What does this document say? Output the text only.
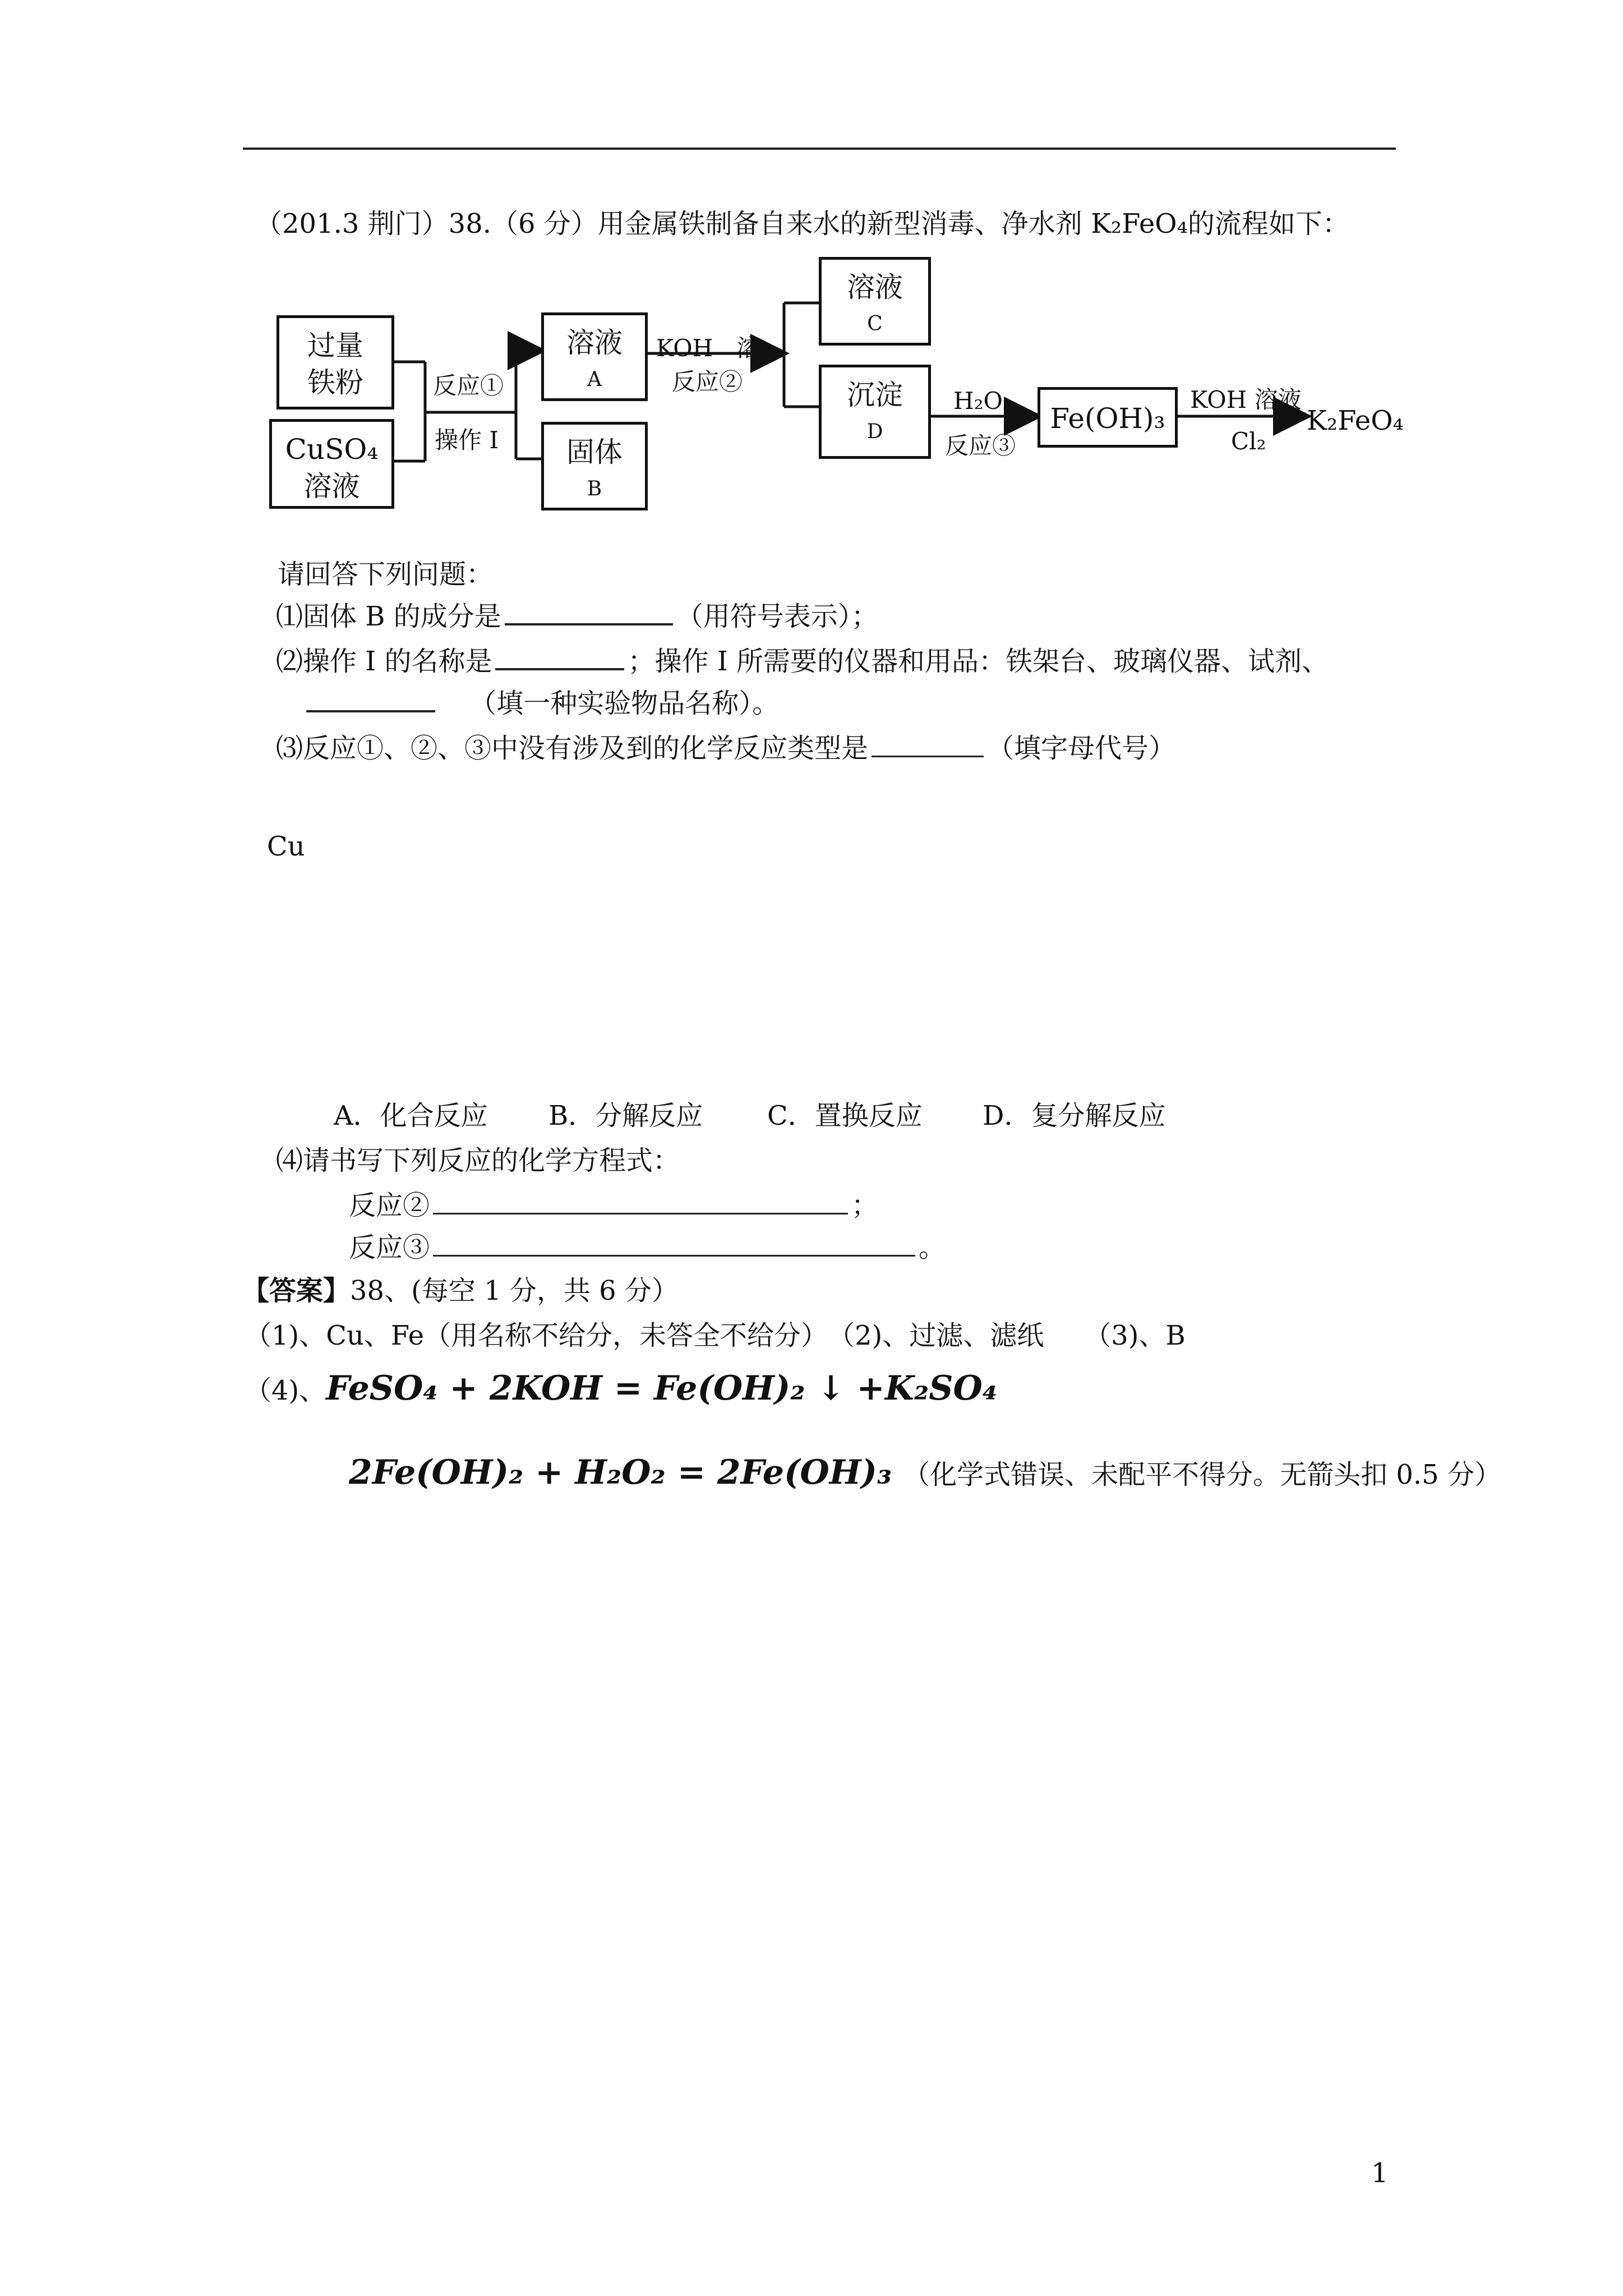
（201.3 荆门）38.（6 分）用金属铁制备自来水的新型消毒、净水剂 K₂FeO₄的流程如下：
过量
铁粉
CuSO₄
溶液
反应①
操作 I
溶液
A
固体
B
KOH　溶
反应②
溶液
C
沉淀
D
H₂O₂
反应③
Fe(OH)₃
KOH 溶液
Cl₂
K₂FeO₄
请回答下列问题：
⑴固体 B 的成分是	（用符号表示）；
⑵操作 I 的名称是	；操作 I 所需要的仪器和用品：铁架台、玻璃仪器、试剂、
（填一种实验物品名称）。
⑶反应①、②、③中没有涉及到的化学反应类型是	（填字母代号）
Cu
A．化合反应 B．分解反应 C．置换反应 D．复分解反应
⑷请书写下列反应的化学方程式：
反应②	；
反应③	。
【答案】38、(每空 1 分，共 6 分）
（1)、Cu、Fe（用名称不给分，未答全不给分）　（2)、过滤、滤纸　　（3)、B
（4)、FeSO₄ + 2KOH = Fe(OH)₂ ↓ +K₂SO₄
2Fe(OH)₂ + H₂O₂ = 2Fe(OH)₃ （化学式错误、未配平不得分。无箭头扣 0.5 分）
1
